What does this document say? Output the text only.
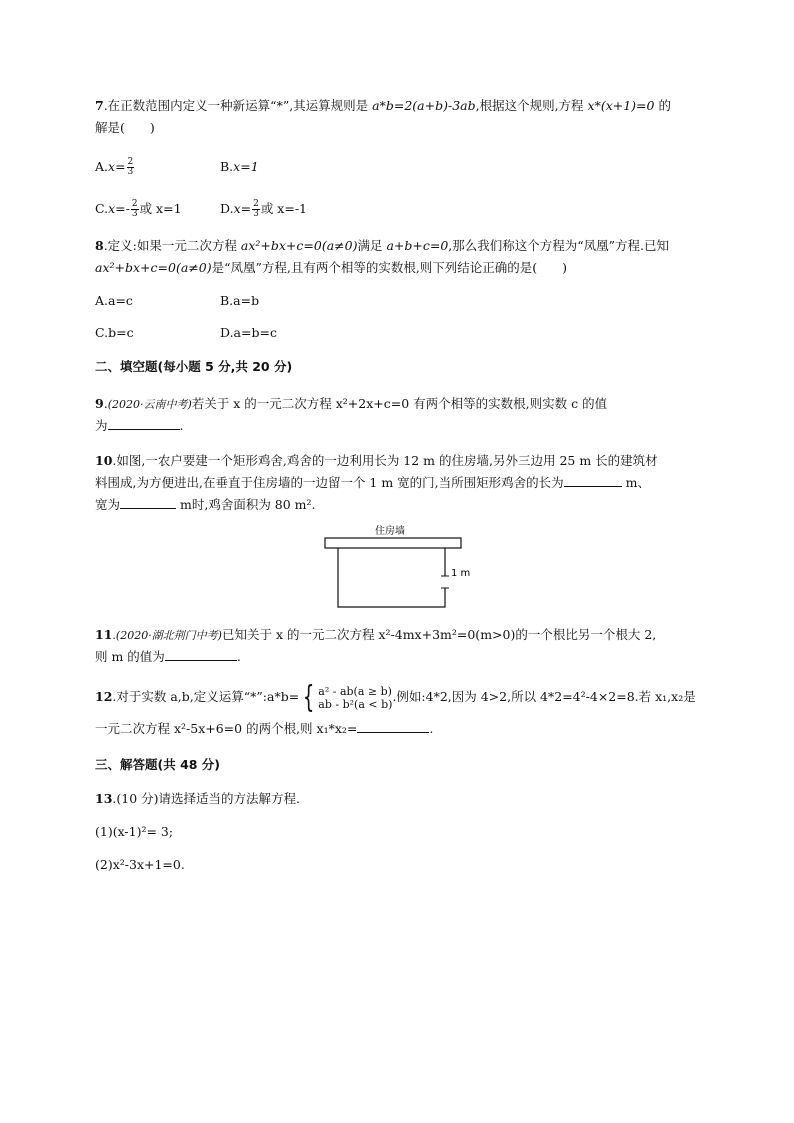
7.在正数范围内定义一种新运算“*”,其运算规则是 a*b=2(a+b)-3ab,根据这个规则,方程 x*(x+1)=0 的
解是(　　)
$A.x= \frac{2}{3}$	B.x=1
$C.x=- \frac{2}{3}$ 或 x=1	$D.x= \frac{2}{3}$ 或 x=-1
8.定义:如果一元二次方程 ax²+bx+c=0(a≠0)满足 a+b+c=0,那么我们称这个方程为“凤凰”方程.已知
ax²+bx+c=0(a≠0)是“凤凰”方程,且有两个相等的实数根,则下列结论正确的是(　　)
A.a=c	B.a=b
C.b=c	D.a=b=c
二、填空题(每小题 5 分,共 20 分)
9.(2020·云南中考)若关于 x 的一元二次方程 x²+2x+c=0 有两个相等的实数根,则实数 c 的值
为	.
10.如图,一农户要建一个矩形鸡舍,鸡舍的一边利用长为 12 m 的住房墙,另外三边用 25 m 长的建筑材
料围成,为方便进出,在垂直于住房墙的一边留一个 1 m 宽的门,当所围矩形鸡舍的长为	m、
宽为	m时,鸡舍面积为 80 m².
住房墙
1 m
11.(2020·湖北荆门中考)已知关于 x 的一元二次方程 x²-4mx+3m²=0(m>0)的一个根比另一个根大 2,
则 m 的值为	.
12.对于实数 a,b,定义运算“*”:a*b= { a² - ab(a ≥ b)
ab - b²(a < b) .例如:4*2,因为 4>2,所以 4*2=4²-4×2=8.若 x₁,x₂是
一元二次方程 x²-5x+6=0 的两个根,则 x₁*x₂=	.
三、解答题(共 48 分)
13.(10 分)请选择适当的方法解方程.
(1)(x-1)²= 3;
(2)x²-3x+1=0.
